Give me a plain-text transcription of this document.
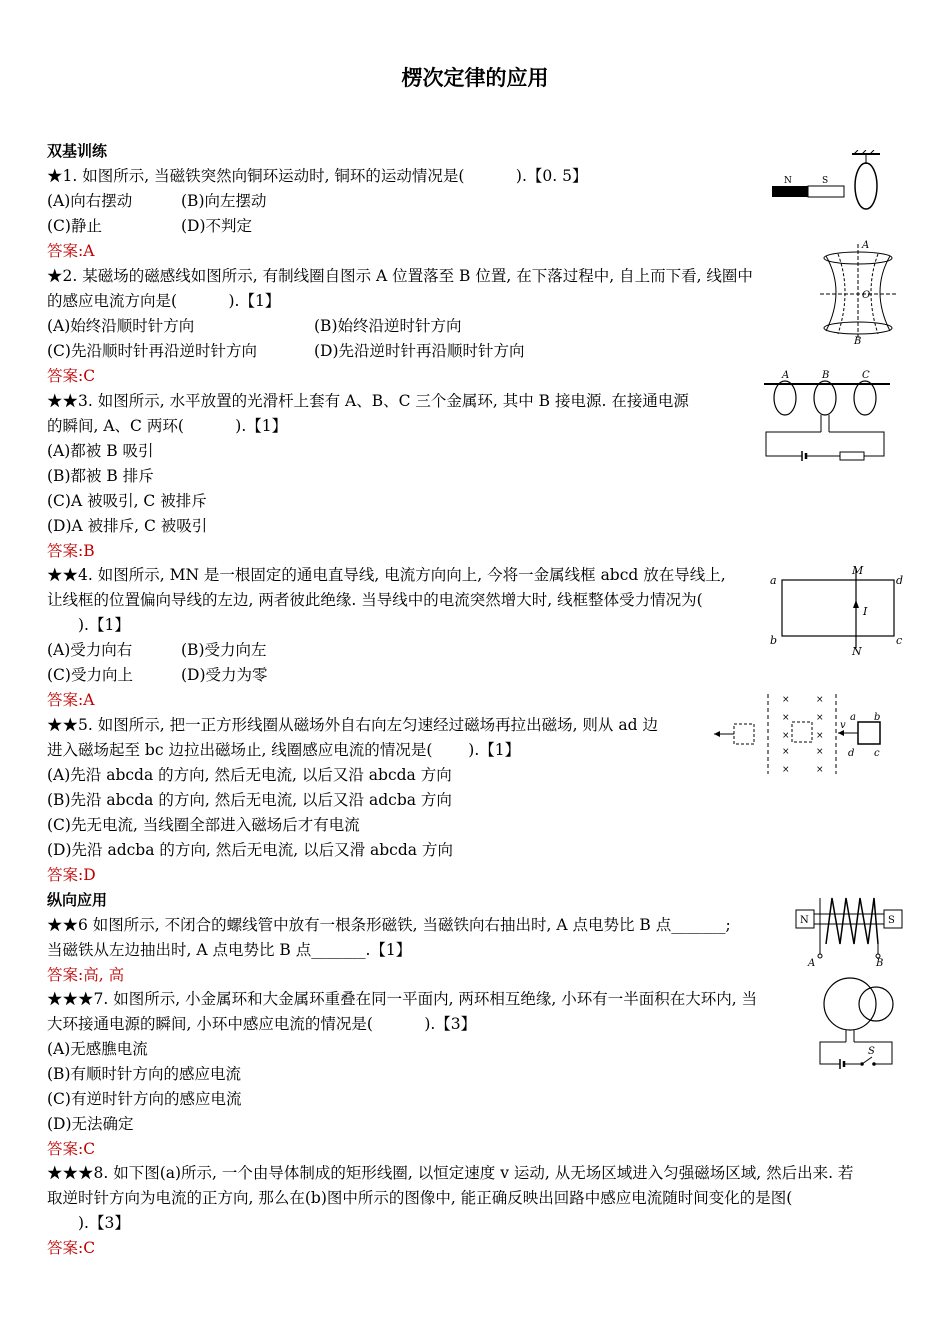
楞次定律的应用
双基训练
★1. 如图所示, 当磁铁突然向铜环运动时, 铜环的运动情况是(　　　 ).【0. 5】
(A)向右摆动	(B)向左摆动
(C)静止	(D)不判定
答案:A
N	S
★2. 某磁场的磁感线如图所示, 有制线圈自图示 A 位置落至 B 位置, 在下落过程中, 自上而下看, 线圈中
的感应电流方向是(　　　 ).【1】
(A)始终沿顺时针方向	(B)始终沿逆时针方向
(C)先沿顺时针再沿逆时针方向	(D)先沿逆时针再沿顺时针方向
答案:C
A
O
B
★★3. 如图所示, 水平放置的光滑杆上套有 A、B、C 三个金属环, 其中 B 接电源. 在接通电源
的瞬间, A、C 两环(　　　 ).【1】
(A)都被 B 吸引
(B)都被 B 排斥
(C)A 被吸引, C 被排斥
(D)A 被排斥, C 被吸引
答案:B
A	B	C
★★4. 如图所示, MN 是一根固定的通电直导线, 电流方向向上, 今将一金属线框 abcd 放在导线上,
让线框的位置偏向导线的左边, 两者彼此绝缘. 当导线中的电流突然增大时, 线框整体受力情况为(
　　).【1】
(A)受力向右	(B)受力向左
(C)受力向上	(D)受力为零
答案:A
M
N
I
a
b	c
d
★★5. 如图所示, 把一正方形线圈从磁场外自右向左匀速经过磁场再拉出磁场, 则从 ad 边
进入磁场起至 bc 边拉出磁场止, 线圈感应电流的情况是(　　 ).【1】
(A)先沿 abcda 的方向, 然后无电流, 以后又沿 abcda 方向
(B)先沿 abcda 的方向, 然后无电流, 以后又沿 adcba 方向
(C)先无电流, 当线圈全部进入磁场后才有电流
(D)先沿 adcba 的方向, 然后无电流, 以后又滑 abcda 方向
答案:D
×	×
×	×
×	×
×	×
×	×
v
a b
c
d
纵向应用
★★6 如图所示, 不闭合的螺线管中放有一根条形磁铁, 当磁铁向右抽出时, A 点电势比 B 点_______;
当磁铁从左边抽出时, A 点电势比 B 点_______.【1】
答案:高, 高
N	S
A	B
★★★7. 如图所示, 小金属环和大金属环重叠在同一平面内, 两环相互绝缘, 小环有一半面积在大环内, 当
大环接通电源的瞬间, 小环中感应电流的情况是(　　　 ).【3】
(A)无感膲电流
(B)有顺时针方向的感应电流
(C)有逆时针方向的感应电流
(D)无法确定
答案:C
S
★★★8. 如下图(a)所示, 一个由导体制成的矩形线圈, 以恒定速度 v 运动, 从无场区域进入匀强磁场区域, 然后出来. 若
取逆时针方向为电流的正方向, 那么在(b)图中所示的图像中, 能正确反映出回路中感应电流随时间变化的是图(
　　).【3】
答案:C
